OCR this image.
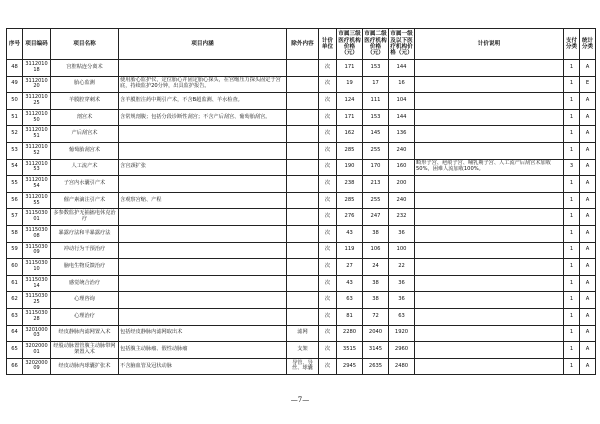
序号	项目编码	项目名称	项目内涵	除外内容	计价单位	市属三级医疗机构价格（元）	市属二级医疗机构价格（元）	市属一级及以下医疗机构价格（元）	计价说明	支付分类	统计分类
48	311201018	宫腔粘连分离术			次	171	153	144		1	A
49	311201020	胎心监测	使用胎心监护仪，定位胎心并固定胎心探头，在宫缩压力探头固定于宫底，持续监护20分钟，出具监护报告。		次	19	17	16		1	E
50	311201025	羊膜腔穿刺术	含羊膜腔注药中期引产术，不含B超监测、羊水检查。		次	124	111	104		1	A
51	311201050	剖宫术	含常规剖腹；包括分段诊断性刮宫；不含产后刮宫、葡萄胎刮宫。		次	171	153	144		1	A
52	311201051	产后刮宫术			次	162	145	136		1	A
53	311201052	葡萄胎刮宫术			次	285	255	240		1	A
54	311201053	人工流产术	含宫颈扩张		次	190	170	160	畸形子宫、疤痕子宫、哺乳期子宫、人工流产后刮宫术加收50%，困难人流加收100%。	3	A
55	311201054	子宫内水囊引产术			次	238	213	200		1	A
56	311201055	催产素滴注引产术	含观察宫缩、产程		次	285	255	240		1	A
57	311503001	多参数监护无抽搐电休克治疗			次	276	247	232		1	A
58	311503008	暴露疗法和半暴露疗法			次	43	38	36		1	A
59	311503009	冲动行为干预治疗			次	119	106	100		1	A
60	311503010	脑电生物反馈治疗			次	27	24	22		1	A
61	311503014	感觉统合治疗			次	43	38	36		1	A
62	311503025	心理咨询			次	63	38	36		1	A
63	311503028	心理治疗			次	81	72	63		1	A
64	320100003	经皮静脉内滤网置入术	包括经皮静脉内滤网取出术	滤网	次	2280	2040	1920		1	A
65	320200001	经股动脉置管腹主动脉带网架置入术	包括腹主动脉瘤、假性动脉瘤	支架	次	3515	3145	2960		1	A
66	320200009	经皮动脉内球囊扩张术	不含脑血管及冠状动脉	导管、导丝、球囊	次	2945	2635	2480		1	A
—7—
